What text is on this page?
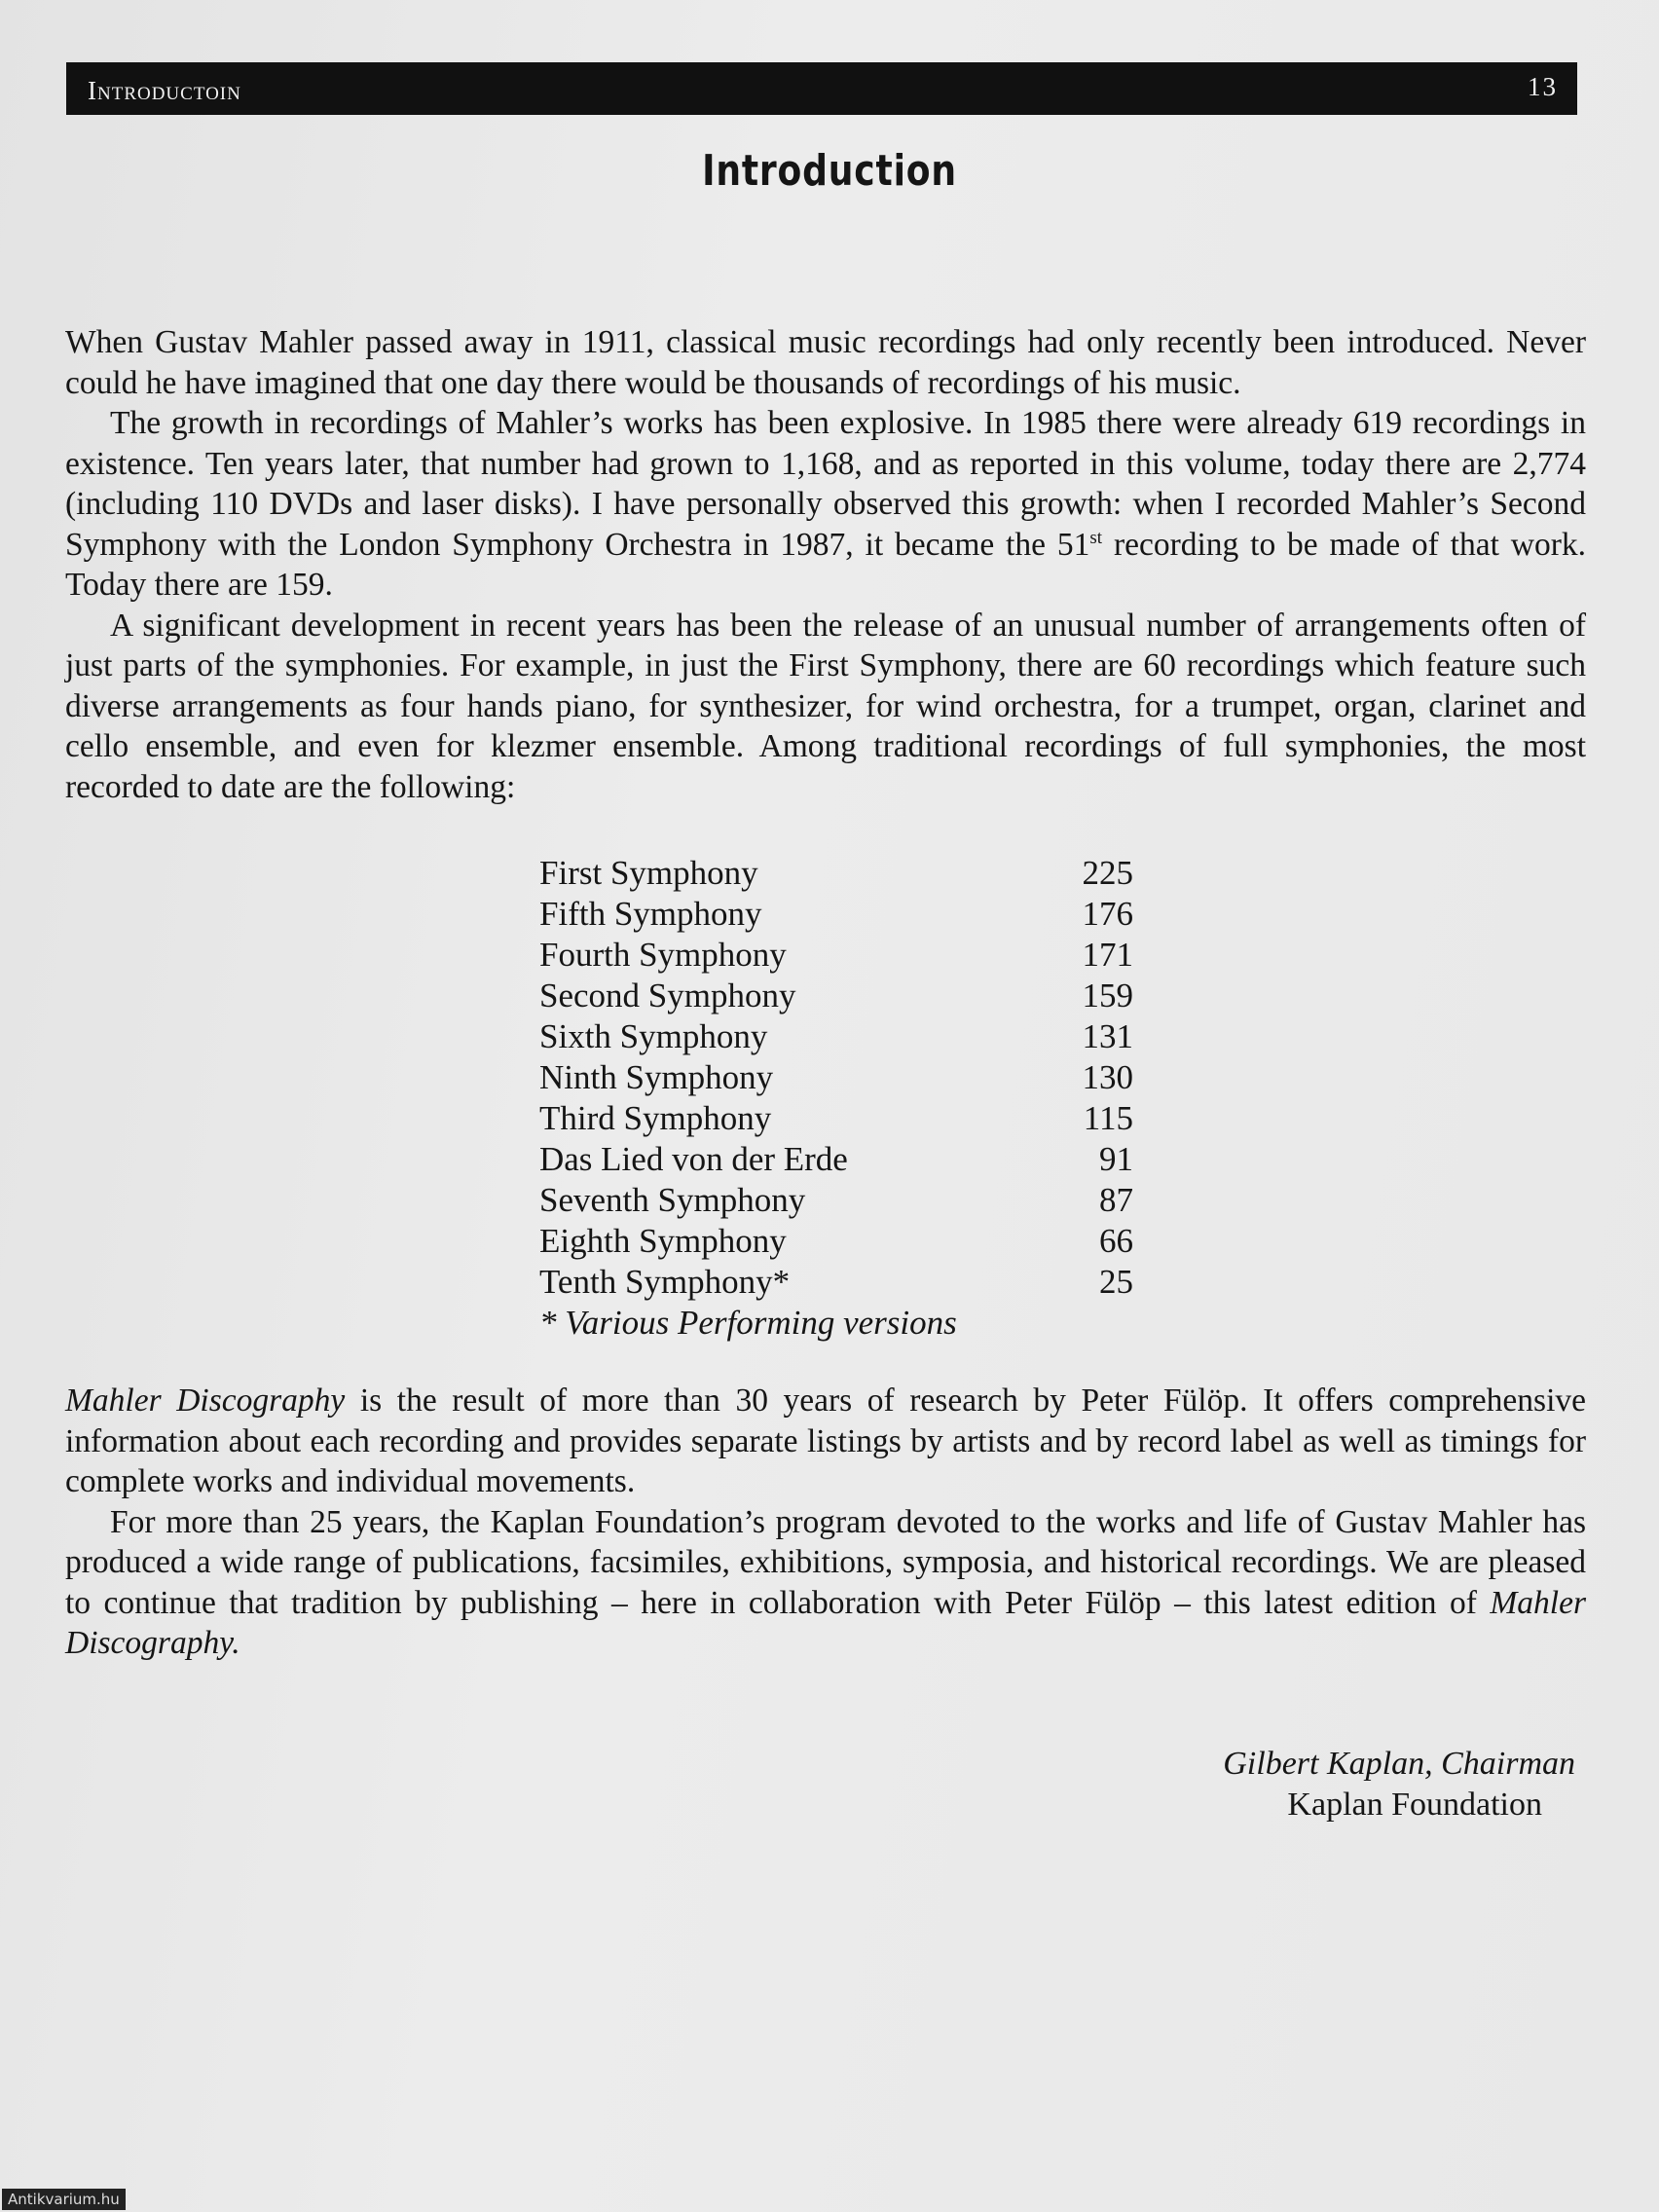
Introductoin	13
Introduction

When Gustav Mahler passed away in 1911, classical music recordings had only recently been introduced. Never could he have imagined that one day there would be thousands of recordings of his music.

The growth in recordings of Mahler’s works has been explosive. In 1985 there were already 619 recordings in existence. Ten years later, that number had grown to 1,168, and as reported in this volume, today there are 2,774 (including 110 DVDs and laser disks). I have personally observed this growth: when I recorded Mahler’s Second Symphony with the London Symphony Orchestra in 1987, it became the 51st recording to be made of that work. Today there are 159.

A significant development in recent years has been the release of an unusual number of arrangements often of just parts of the symphonies. For example, in just the First Symphony, there are 60 recordings which feature such diverse arrangements as four hands piano, for synthesizer, for wind orchestra, for a trumpet, organ, clarinet and cello ensemble, and even for klezmer ensemble. Among traditional recordings of full symphonies, the most recorded to date are the following:

First Symphony	225
Fifth Symphony	176
Fourth Symphony	171
Second Symphony	159
Sixth Symphony	131
Ninth Symphony	130
Third Symphony	115
Das Lied von der Erde	91
Seventh Symphony	87
Eighth Symphony	66
Tenth Symphony*	25
* Various Performing versions

Mahler Discography is the result of more than 30 years of research by Peter Fülöp. It offers comprehensive information about each recording and provides separate listings by artists and by record label as well as timings for complete works and individual movements.

For more than 25 years, the Kaplan Foundation’s program devoted to the works and life of Gustav Mahler has produced a wide range of publications, facsimiles, exhibitions, symposia, and historical recordings. We are pleased to continue that tradition by publishing – here in collaboration with Peter Fülöp – this latest edition of Mahler Discography.

Gilbert Kaplan, Chairman
Kaplan Foundation
Antikvarium.hu
